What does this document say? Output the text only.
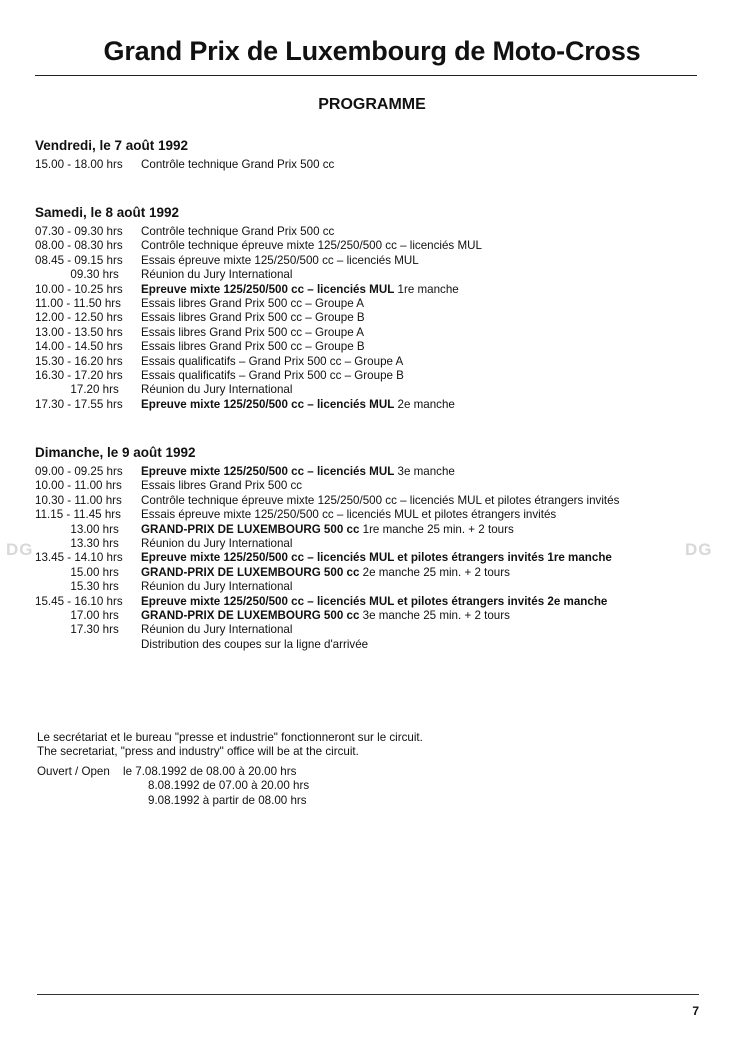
Grand Prix de Luxembourg de Moto-Cross
PROGRAMME
Vendredi, le 7 août 1992
15.00 - 18.00 hrs	Contrôle technique Grand Prix 500 cc
Samedi, le 8 août 1992
07.30 - 09.30 hrs	Contrôle technique Grand Prix 500 cc
08.00 - 08.30 hrs	Contrôle technique épreuve mixte 125/250/500 cc – licenciés MUL
08.45 - 09.15 hrs	Essais épreuve mixte 125/250/500 cc – licenciés MUL
09.30 hrs	Réunion du Jury International
10.00 - 10.25 hrs	Epreuve mixte 125/250/500 cc – licenciés MUL 1re manche
11.00 - 11.50 hrs	Essais libres Grand Prix 500 cc – Groupe A
12.00 - 12.50 hrs	Essais libres Grand Prix 500 cc – Groupe B
13.00 - 13.50 hrs	Essais libres Grand Prix 500 cc – Groupe A
14.00 - 14.50 hrs	Essais libres Grand Prix 500 cc – Groupe B
15.30 - 16.20 hrs	Essais qualificatifs – Grand Prix 500 cc – Groupe A
16.30 - 17.20 hrs	Essais qualificatifs – Grand Prix 500 cc – Groupe B
17.20 hrs	Réunion du Jury International
17.30 - 17.55 hrs	Epreuve mixte 125/250/500 cc – licenciés MUL 2e manche
Dimanche, le 9 août 1992
09.00 - 09.25 hrs	Epreuve mixte 125/250/500 cc – licenciés MUL 3e manche
10.00 - 11.00 hrs	Essais libres Grand Prix 500 cc
10.30 - 11.00 hrs	Contrôle technique épreuve mixte 125/250/500 cc – licenciés MUL et pilotes étrangers invités
11.15 - 11.45 hrs	Essais épreuve mixte 125/250/500 cc – licenciés MUL et pilotes étrangers invités
13.00 hrs	GRAND-PRIX DE LUXEMBOURG 500 cc 1re manche 25 min. + 2 tours
13.30 hrs	Réunion du Jury International
13.45 - 14.10 hrs	Epreuve mixte 125/250/500 cc – licenciés MUL et pilotes étrangers invités 1re manche
15.00 hrs	GRAND-PRIX DE LUXEMBOURG 500 cc 2e manche 25 min. + 2 tours
15.30 hrs	Réunion du Jury International
15.45 - 16.10 hrs	Epreuve mixte 125/250/500 cc – licenciés MUL et pilotes étrangers invités 2e manche
17.00 hrs	GRAND-PRIX DE LUXEMBOURG 500 cc 3e manche 25 min. + 2 tours
17.30 hrs	Réunion du Jury International
Distribution des coupes sur la ligne d'arrivée
DG	DG

Le secrétariat et le bureau "presse et industrie" fonctionneront sur le circuit.

The secretariat, "press and industry" office will be at the circuit.

Ouvert / Open	le 7.08.1992 de 08.00 à 20.00 hrs
8.08.1992 de 07.00 à 20.00 hrs
9.08.1992 à partir de 08.00 hrs
7
